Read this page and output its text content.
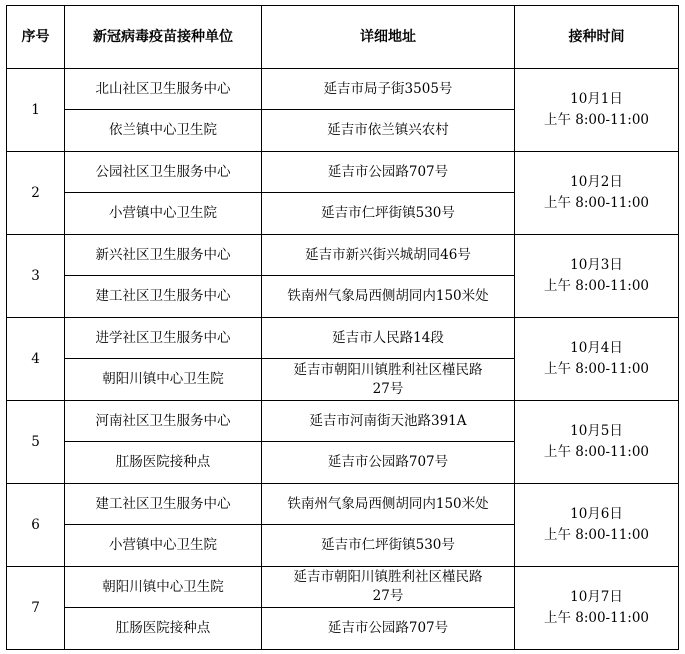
序号	新冠病毒疫苗接种单位	详细地址	接种时间
1	北山社区卫生服务中心	延吉市局子街3505号	10月1日
上午 8:00-11:00

	依兰镇中心卫生院	延吉市依兰镇兴农村	

2	公园社区卫生服务中心	延吉市公园路707号	10月2日
上午 8:00-11:00

	小营镇中心卫生院	延吉市仁坪街镇530号	

3	新兴社区卫生服务中心	延吉市新兴街兴城胡同46号	10月3日
上午 8:00-11:00

	建工社区卫生服务中心	铁南州气象局西侧胡同内150米处	

4	进学社区卫生服务中心	延吉市人民路14段	10月4日
上午 8:00-11:00

	朝阳川镇中心卫生院	延吉市朝阳川镇胜利社区槿民路
27号	

5	河南社区卫生服务中心	延吉市河南街天池路391A	10月5日
上午 8:00-11:00

	肛肠医院接种点	延吉市公园路707号	

6	建工社区卫生服务中心	铁南州气象局西侧胡同内150米处	10月6日
上午 8:00-11:00

	小营镇中心卫生院	延吉市仁坪街镇530号	

7	朝阳川镇中心卫生院	延吉市朝阳川镇胜利社区槿民路
27号	10月7日
上午 8:00-11:00

	肛肠医院接种点	延吉市公园路707号	
